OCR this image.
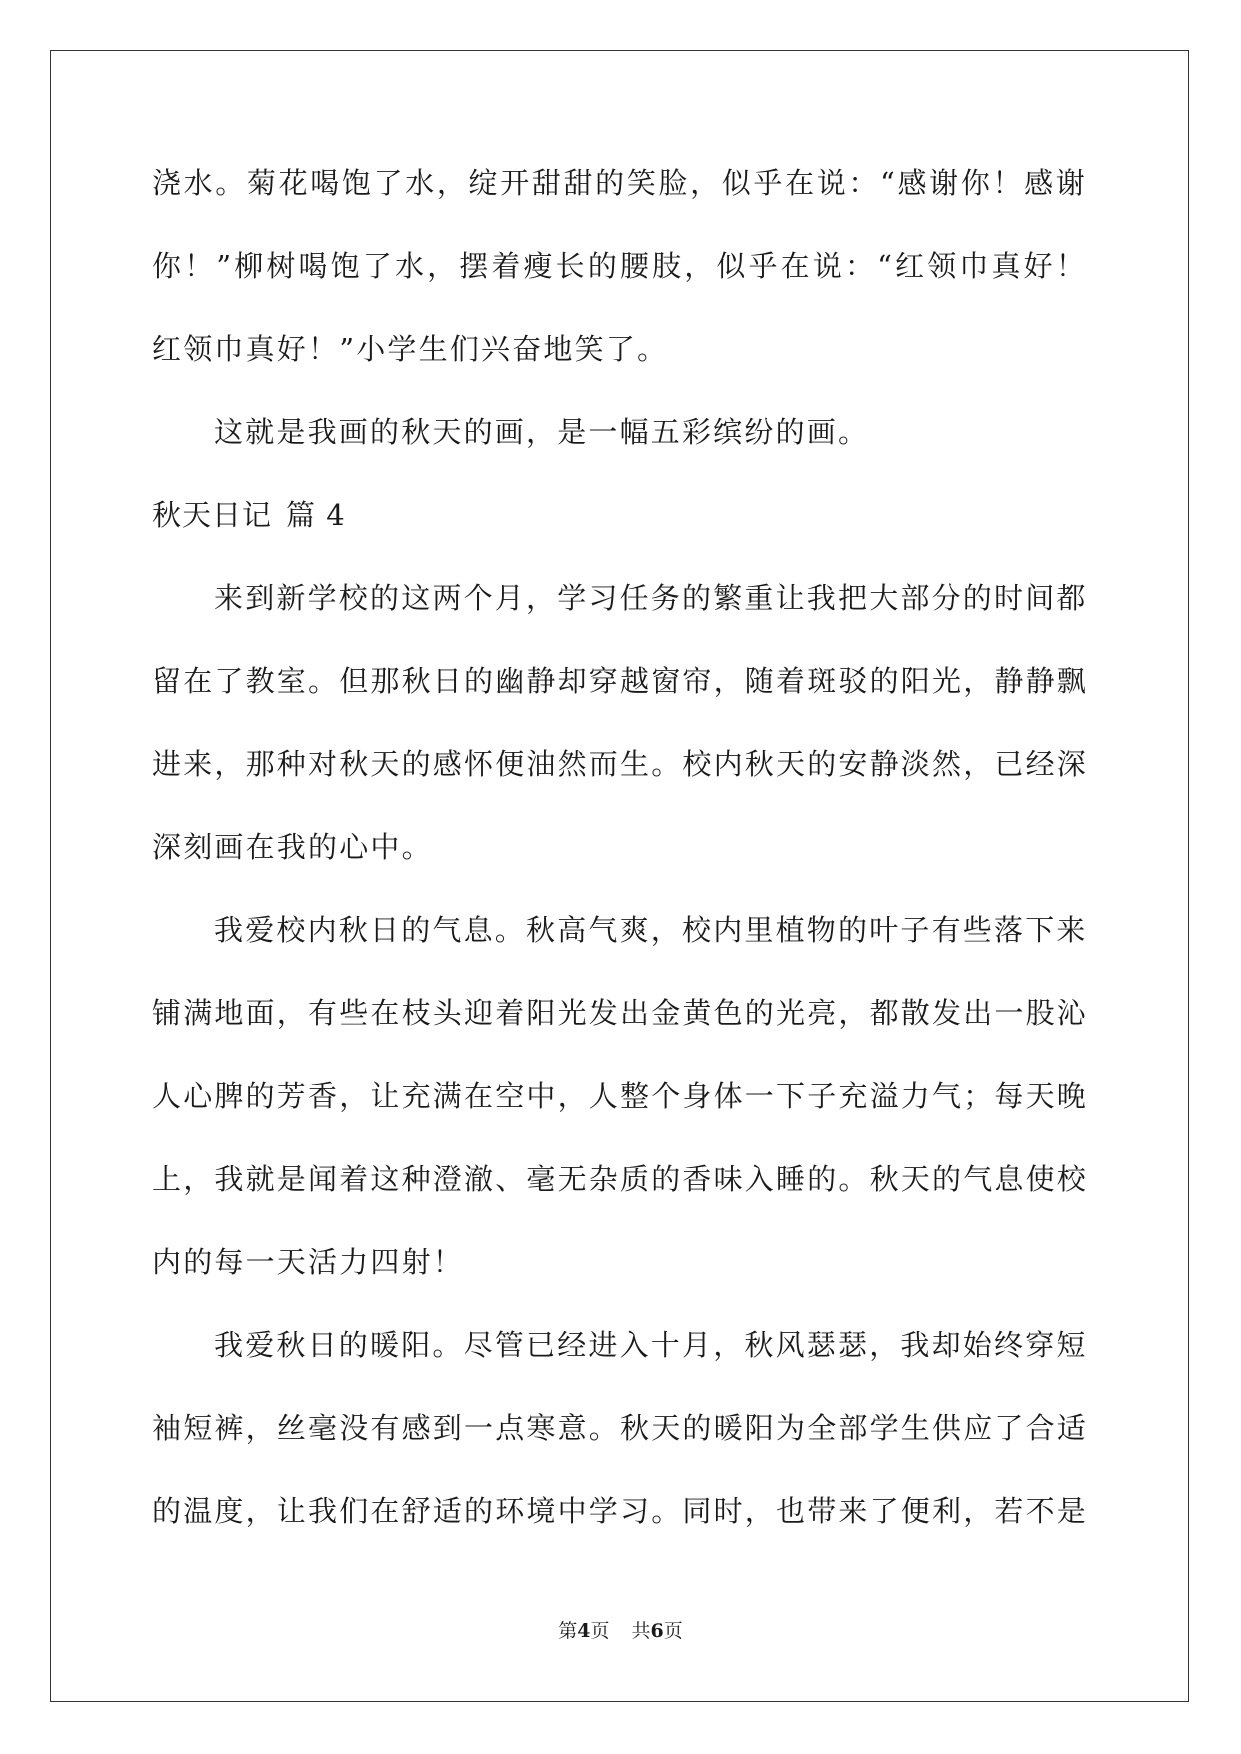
浇水。菊花喝饱了水，绽开甜甜的笑脸，似乎在说：“感谢你！感谢
你！”柳树喝饱了水，摆着瘦长的腰肢，似乎在说：“红领巾真好！
红领巾真好！”小学生们兴奋地笑了。
这就是我画的秋天的画，是一幅五彩缤纷的画。
秋天日记 篇 4
来到新学校的这两个月，学习任务的繁重让我把大部分的时间都
留在了教室。但那秋日的幽静却穿越窗帘，随着斑驳的阳光，静静飘
进来，那种对秋天的感怀便油然而生。校内秋天的安静淡然，已经深
深刻画在我的心中。
我爱校内秋日的气息。秋高气爽，校内里植物的叶子有些落下来
铺满地面，有些在枝头迎着阳光发出金黄色的光亮，都散发出一股沁
人心脾的芳香，让充满在空中，人整个身体一下子充溢力气；每天晚
上，我就是闻着这种澄澈、毫无杂质的香味入睡的。秋天的气息使校
内的每一天活力四射！
我爱秋日的暖阳。尽管已经进入十月，秋风瑟瑟，我却始终穿短
袖短裤，丝毫没有感到一点寒意。秋天的暖阳为全部学生供应了合适
的温度，让我们在舒适的环境中学习。同时，也带来了便利，若不是
第4页 共6页
